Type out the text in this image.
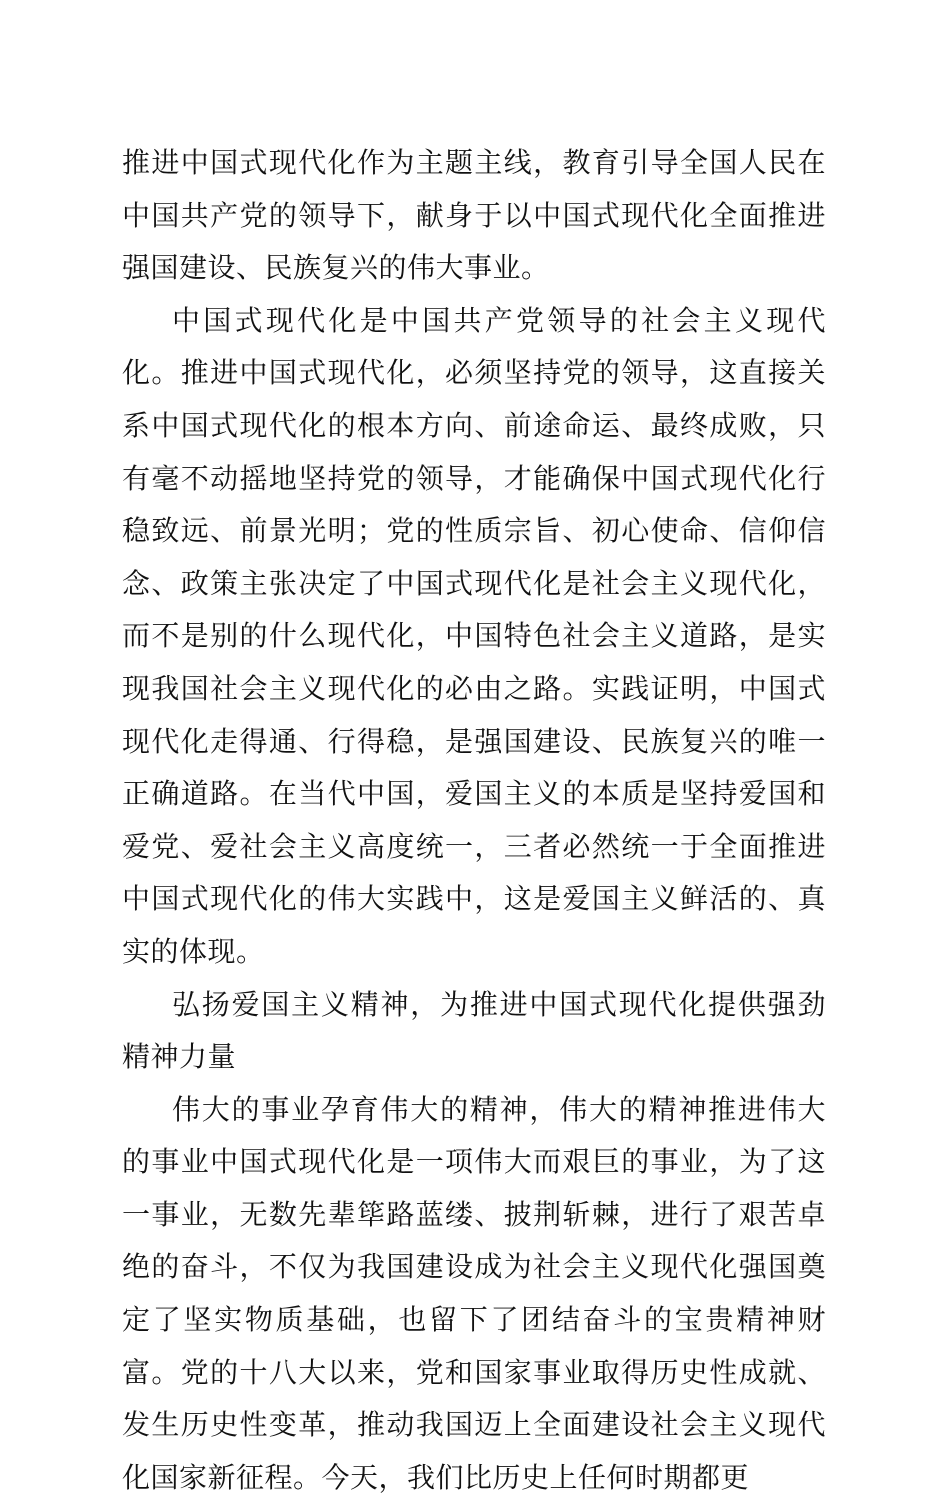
推进中国式现代化作为主题主线，教育引导全国人民在中国共产党的领导下，献身于以中国式现代化全面推进强国建设、民族复兴的伟大事业。

中国式现代化是中国共产党领导的社会主义现代化。推进中国式现代化，必须坚持党的领导，这直接关系中国式现代化的根本方向、前途命运、最终成败，只有毫不动摇地坚持党的领导，才能确保中国式现代化行稳致远、前景光明；党的性质宗旨、初心使命、信仰信念、政策主张决定了中国式现代化是社会主义现代化，而不是别的什么现代化，中国特色社会主义道路，是实现我国社会主义现代化的必由之路。实践证明，中国式现代化走得通、行得稳，是强国建设、民族复兴的唯一正确道路。在当代中国，爱国主义的本质是坚持爱国和爱党、爱社会主义高度统一，三者必然统一于全面推进中国式现代化的伟大实践中，这是爱国主义鲜活的、真实的体现。

弘扬爱国主义精神，为推进中国式现代化提供强劲精神力量

伟大的事业孕育伟大的精神，伟大的精神推进伟大的事业中国式现代化是一项伟大而艰巨的事业，为了这一事业，无数先辈筚路蓝缕、披荆斩棘，进行了艰苦卓绝的奋斗，不仅为我国建设成为社会主义现代化强国奠定了坚实物质基础，也留下了团结奋斗的宝贵精神财富。党的十八大以来，党和国家事业取得历史性成就、发生历史性变革，推动我国迈上全面建设社会主义现代化国家新征程。今天，我们比历史上任何时期都更
